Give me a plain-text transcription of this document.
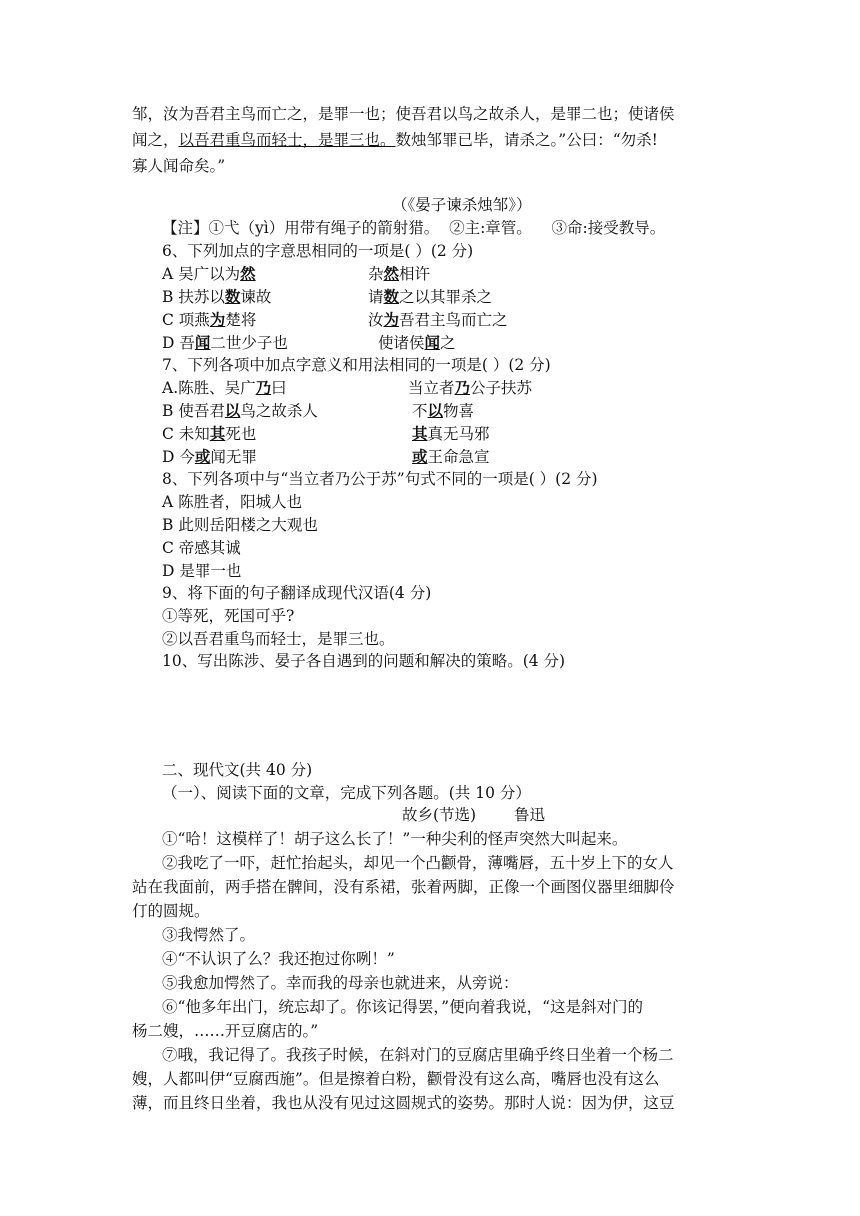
邹，汝为吾君主鸟而亡之，是罪一也；使吾君以鸟之故杀人，是罪二也；使诸侯
闻之，以吾君重鸟而轻士，是罪三也。数烛邹罪已毕，请杀之。”公曰：“勿杀!
寡人闻命矣。”
（《晏子谏杀烛邹》）
【注】①弋（yì）用带有绳子的箭射猎。  ②主:章管。    ③命:接受教导。
6、下列加点的字意思相同的一项是( ）(2 分)
A 吴广以为然	杂然相许
B 扶苏以数谏故	请数之以其罪杀之
C 项燕为楚将	汝为吾君主鸟而亡之
D 吾闻二世少子也	使诸侯闻之
7、下列各项中加点字意义和用法相同的一项是( ）(2 分)
A.陈胜、吴广乃曰	当立者乃公子扶苏
B 使吾君以鸟之故杀人	不以物喜
C 未知其死也	其真无马邪
D 今或闻无罪	或王命急宣
8、下列各项中与“当立者乃公于苏”句式不同的一项是( ）(2 分)
A 陈胜者，阳城人也
B 此则岳阳楼之大观也
C 帝感其诚
D 是罪一也
9、将下面的句子翻译成现代汉语(4 分)
①等死，死国可乎?
②以吾君重鸟而轻士，是罪三也。
10、写出陈涉、晏子各自遇到的问题和解决的策略。(4 分)
二、现代文(共 40 分)
（一）、阅读下面的文章，完成下列各题。(共 10 分）
故乡(节选) 鲁迅
①“哈！这模样了！胡子这么长了！”一种尖利的怪声突然大叫起来。
②我吃了一吓，赶忙抬起头，却见一个凸颧骨，薄嘴唇，五十岁上下的女人
站在我面前，两手搭在髀间，没有系裙，张着两脚，正像一个画图仪器里细脚伶
仃的圆规。
③我愕然了。
④“不认识了么？我还抱过你咧！”
⑤我愈加愕然了。幸而我的母亲也就进来，从旁说：
⑥“他多年出门，统忘却了。你该记得罢，”便向着我说，“这是斜对门的
杨二嫂，……开豆腐店的。”
⑦哦，我记得了。我孩子时候，在斜对门的豆腐店里确乎终日坐着一个杨二
嫂，人都叫伊“豆腐西施”。但是擦着白粉，颧骨没有这么高，嘴唇也没有这么
薄，而且终日坐着，我也从没有见过这圆规式的姿势。那时人说：因为伊，这豆
